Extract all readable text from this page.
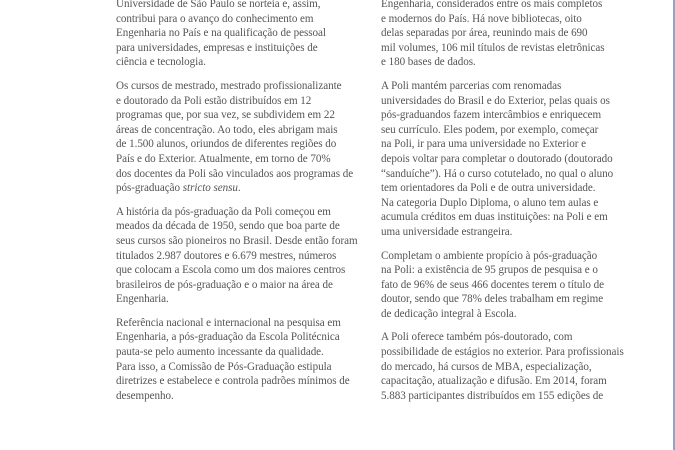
Universidade de São Paulo se norteia e, assim,
contribui para o avanço do conhecimento em
Engenharia no País e na qualificação de pessoal
para universidades, empresas e instituições de
ciência e tecnologia.

Os cursos de mestrado, mestrado profissionalizante
e doutorado da Poli estão distribuídos em 12
programas que, por sua vez, se subdividem em 22
áreas de concentração. Ao todo, eles abrigam mais
de 1.500 alunos, oriundos de diferentes regiões do
País e do Exterior. Atualmente, em torno de 70%
dos docentes da Poli são vinculados aos programas de
pós-graduação stricto sensu.

A história da pós-graduação da Poli começou em
meados da década de 1950, sendo que boa parte de
seus cursos são pioneiros no Brasil. Desde então foram
titulados 2.987 doutores e 6.679 mestres, números
que colocam a Escola como um dos maiores centros
brasileiros de pós-graduação e o maior na área de
Engenharia.

Referência nacional e internacional na pesquisa em
Engenharia, a pós-graduação da Escola Politécnica
pauta-se pelo aumento incessante da qualidade.
Para isso, a Comissão de Pós-Graduação estipula
diretrizes e estabelece e controla padrões mínimos de
desempenho.

Engenharia, considerados entre os mais completos
e modernos do País. Há nove bibliotecas, oito
delas separadas por área, reunindo mais de 690
mil volumes, 106 mil títulos de revistas eletrônicas
e 180 bases de dados.

A Poli mantém parcerias com renomadas
universidades do Brasil e do Exterior, pelas quais os
pós-graduandos fazem intercâmbios e enriquecem
seu currículo. Eles podem, por exemplo, começar
na Poli, ir para uma universidade no Exterior e
depois voltar para completar o doutorado (doutorado
“sanduíche”). Há o curso cotutelado, no qual o aluno
tem orientadores da Poli e de outra universidade.
Na categoria Duplo Diploma, o aluno tem aulas e
acumula créditos em duas instituições: na Poli e em
uma universidade estrangeira.

Completam o ambiente propício à pós-graduação
na Poli: a existência de 95 grupos de pesquisa e o
fato de 96% de seus 466 docentes terem o título de
doutor, sendo que 78% deles trabalham em regime
de dedicação integral à Escola.

A Poli oferece também pós-doutorado, com
possibilidade de estágios no exterior. Para profissionais
do mercado, há cursos de MBA, especialização,
capacitação, atualização e difusão. Em 2014, foram
5.883 participantes distribuídos em 155 edições de
